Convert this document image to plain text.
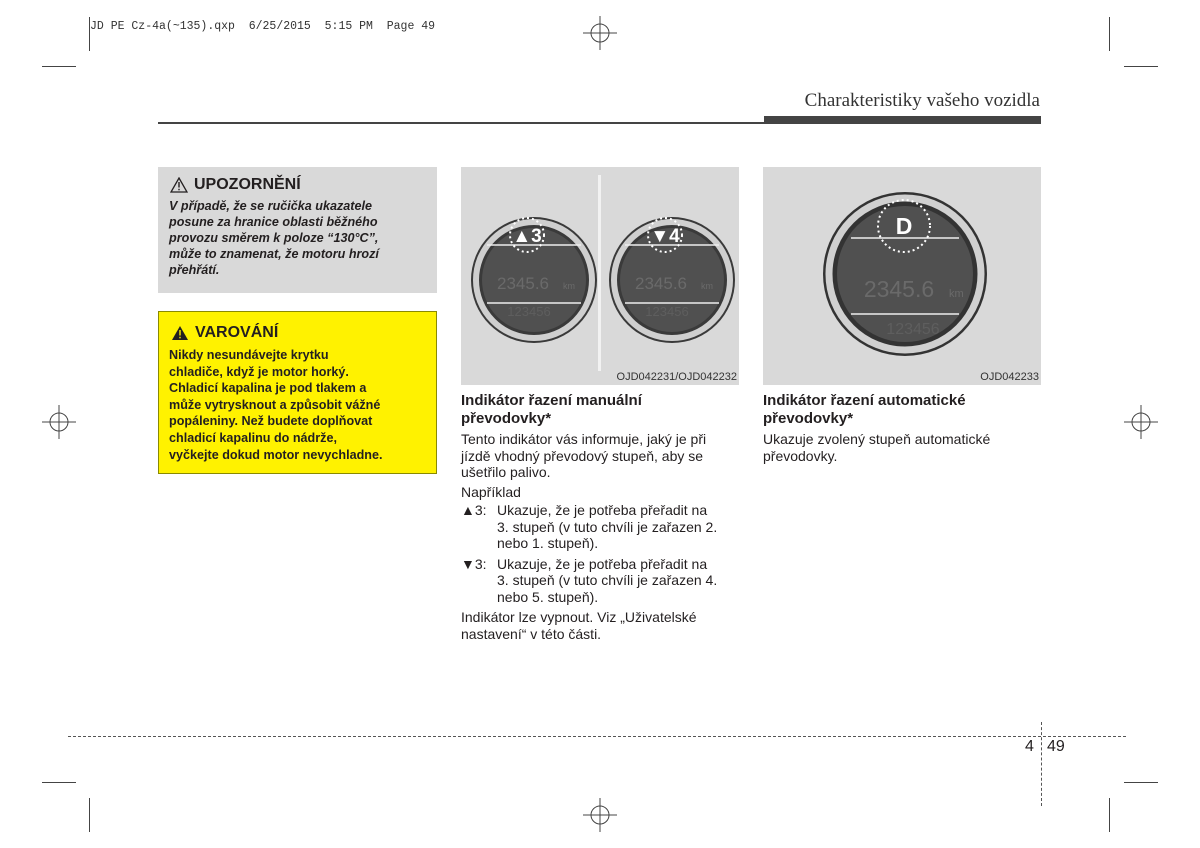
JD PE Cz-4a(~135).qxp  6/25/2015  5:15 PM  Page 49
Charakteristiky vašeho vozidla
UPOZORNĚNÍ
V případě, že se ručička ukazatele
posune za hranice oblasti běžného
provozu směrem k poloze “130°C”,
může to znamenat, že motoru hrozí
přehřátí.
VAROVÁNÍ
Nikdy nesundávejte krytku
chladiče, když je motor horký.
Chladicí kapalina je pod tlakem a
může vytrysknout a způsobit vážné
popáleniny. Než budete doplňovat
chladicí kapalinu do nádrže,
vyčkejte dokud motor nevychladne.
▲3
2345.6 km
123456
▼4
2345.6 km
123456
OJD042231/OJD042232
D
2345.6 km
123456
OJD042233
Indikátor řazení manuální
převodovky*
Tento indikátor vás informuje, jaký je při
jízdě vhodný převodový stupeň, aby se
ušetřilo palivo.
Například
▲3: Ukazuje, že je potřeba přeřadit na
3. stupeň (v tuto chvíli je zařazen 2.
nebo 1. stupeň).
▼3: Ukazuje, že je potřeba přeřadit na
3. stupeň (v tuto chvíli je zařazen 4.
nebo 5. stupeň).
Indikátor lze vypnout. Viz „Uživatelské
nastavení“ v této části.
Indikátor řazení automatické
převodovky*
Ukazuje zvolený stupeň automatické
převodovky.
4 49
